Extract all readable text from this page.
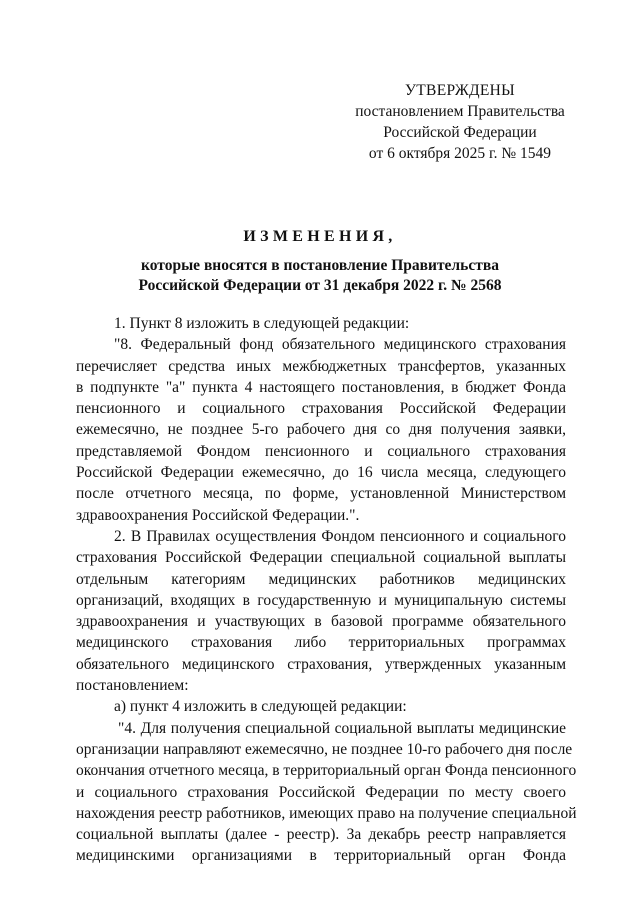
УТВЕРЖДЕНЫ
постановлением Правительства
Российской Федерации
от 6 октября 2025 г. № 1549
ИЗМЕНЕНИЯ,
которые вносятся в постановление Правительства
Российской Федерации от 31 декабря 2022 г. № 2568
1. Пункт 8 изложить в следующей редакции:
"8. Федеральный фонд обязательного медицинского страхования
перечисляет средства иных межбюджетных трансфертов, указанных
в подпункте "а" пункта 4 настоящего постановления, в бюджет Фонда
пенсионного и социального страхования Российской Федерации
ежемесячно, не позднее 5-го рабочего дня со дня получения заявки,
представляемой Фондом пенсионного и социального страхования
Российской Федерации ежемесячно, до 16 числа месяца, следующего
после отчетного месяца, по форме, установленной Министерством
здравоохранения Российской Федерации.".
2. В Правилах осуществления Фондом пенсионного и социального
страхования Российской Федерации специальной социальной выплаты
отдельным категориям медицинских работников медицинских
организаций, входящих в государственную и муниципальную системы
здравоохранения и участвующих в базовой программе обязательного
медицинского страхования либо территориальных программах
обязательного медицинского страхования, утвержденных указанным
постановлением:
а) пункт 4 изложить в следующей редакции:
"4. Для получения специальной социальной выплаты медицинские
организации направляют ежемесячно, не позднее 10-го рабочего дня после
окончания отчетного месяца, в территориальный орган Фонда пенсионного
и социального страхования Российской Федерации по месту своего
нахождения реестр работников, имеющих право на получение специальной
социальной выплаты (далее - реестр). За декабрь реестр направляется
медицинскими организациями в территориальный орган Фонда
